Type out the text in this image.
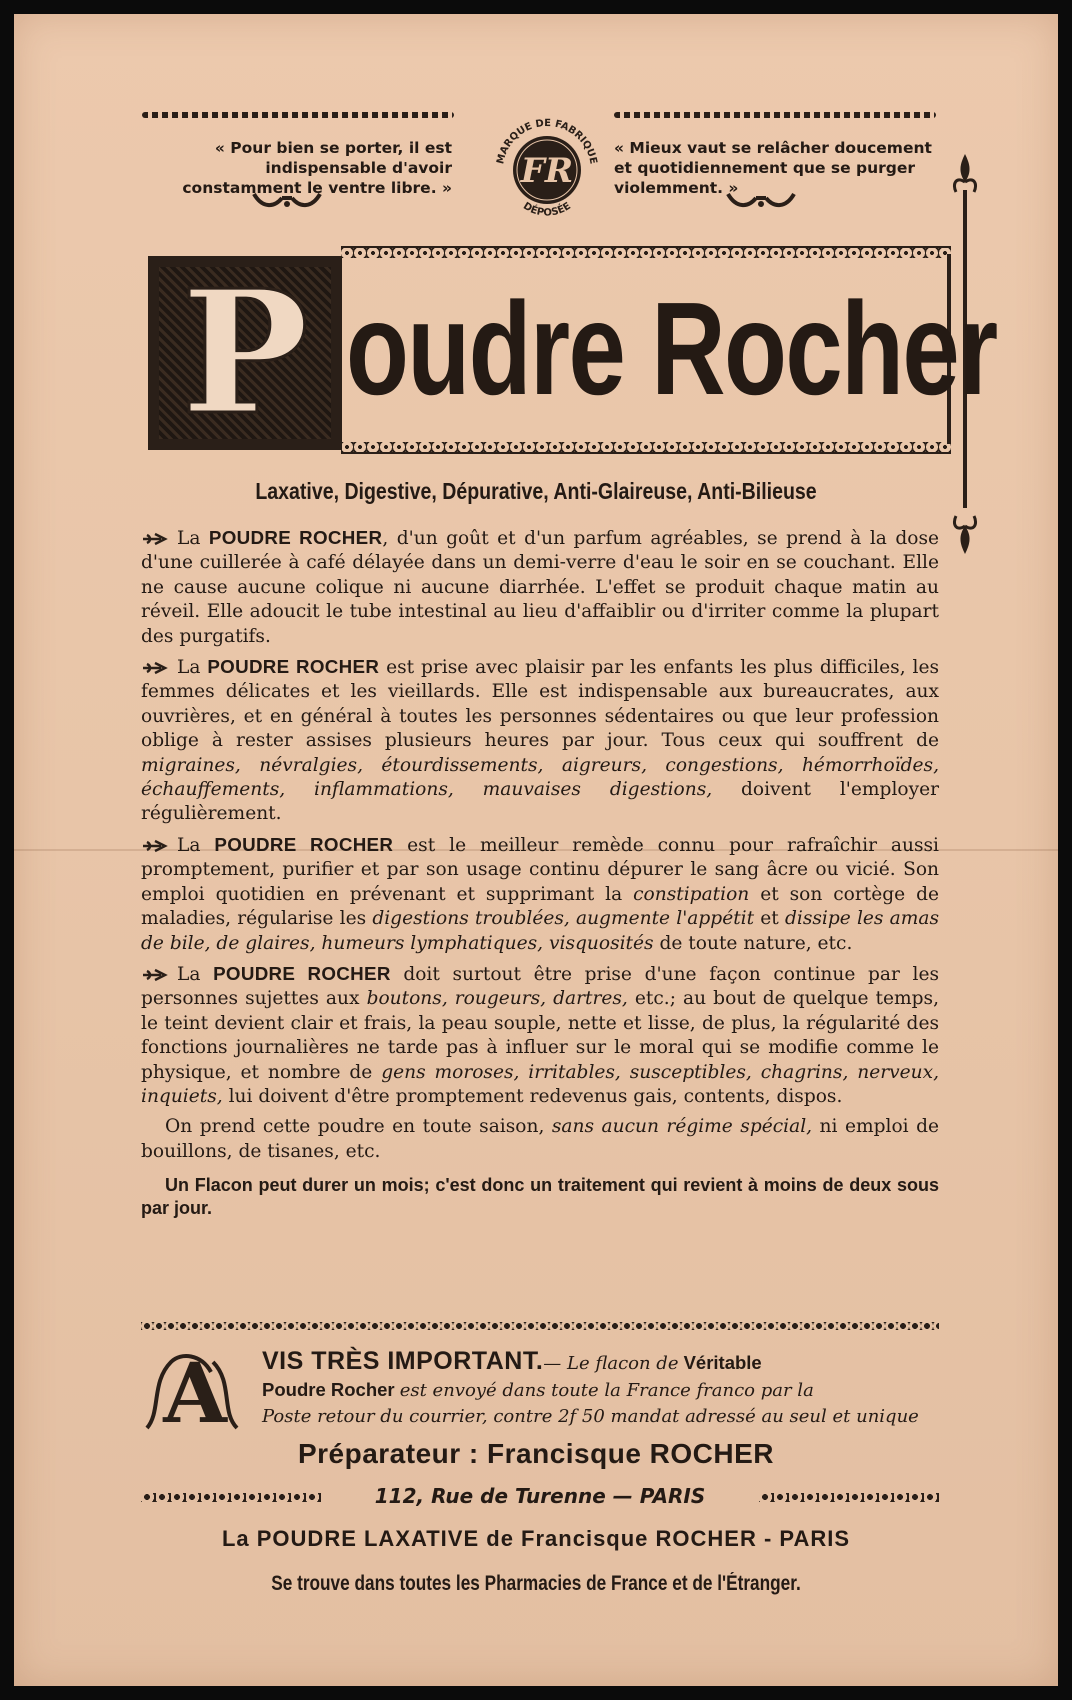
« Pour bien se porter, il est indispensable d'avoir constamment le ventre libre. »
« Mieux vaut se relâcher doucement et quotidiennement que se purger violemment. »
MARQUE DE FABRIQUE
FR
DÉPOSÉE
P oudre Rocher
Laxative, Digestive, Dépurative, Anti-Glaireuse, Anti-Bilieuse

La POUDRE ROCHER, d'un goût et d'un parfum agréables, se prend à la dose d'une cuillerée à café délayée dans un demi-verre d'eau le soir en se couchant. Elle ne cause aucune colique ni aucune diarrhée. L'effet se produit chaque matin au réveil. Elle adoucit le tube intestinal au lieu d'affaiblir ou d'irriter comme la plupart des purgatifs.

La POUDRE ROCHER est prise avec plaisir par les enfants les plus difficiles, les femmes délicates et les vieillards. Elle est indispensable aux bureaucrates, aux ouvrières, et en général à toutes les personnes sédentaires ou que leur profession oblige à rester assises plusieurs heures par jour. Tous ceux qui souffrent de migraines, névralgies, étourdissements, aigreurs, congestions, hémorrhoïdes, échauffements, inflammations, mauvaises digestions, doivent l'employer régulièrement.

La POUDRE ROCHER est le meilleur remède connu pour rafraîchir aussi promptement, purifier et par son usage continu dépurer le sang âcre ou vicié. Son emploi quotidien en prévenant et supprimant la constipation et son cortège de maladies, régularise les digestions troublées, augmente l'appétit et dissipe les amas de bile, de glaires, humeurs lymphatiques, visquosités de toute nature, etc.

La POUDRE ROCHER doit surtout être prise d'une façon continue par les personnes sujettes aux boutons, rougeurs, dartres, etc.; au bout de quelque temps, le teint devient clair et frais, la peau souple, nette et lisse, de plus, la régularité des fonctions journalières ne tarde pas à influer sur le moral qui se modifie comme le physique, et nombre de gens moroses, irritables, susceptibles, chagrins, nerveux, inquiets, lui doivent d'être promptement redevenus gais, contents, dispos.

On prend cette poudre en toute saison, sans aucun régime spécial, ni emploi de bouillons, de tisanes, etc.

Un Flacon peut durer un mois; c'est donc un traitement qui revient à moins de deux sous par jour.

A VIS TRÈS IMPORTANT.— Le flacon de Véritable
Poudre Rocher est envoyé dans toute la France franco par la
Poste retour du courrier, contre 2f 50 mandat adressé au seul et unique
Préparateur : Francisque ROCHER
112, Rue de Turenne — PARIS
La POUDRE LAXATIVE de Francisque ROCHER - PARIS
Se trouve dans toutes les Pharmacies de France et de l'Étranger.
